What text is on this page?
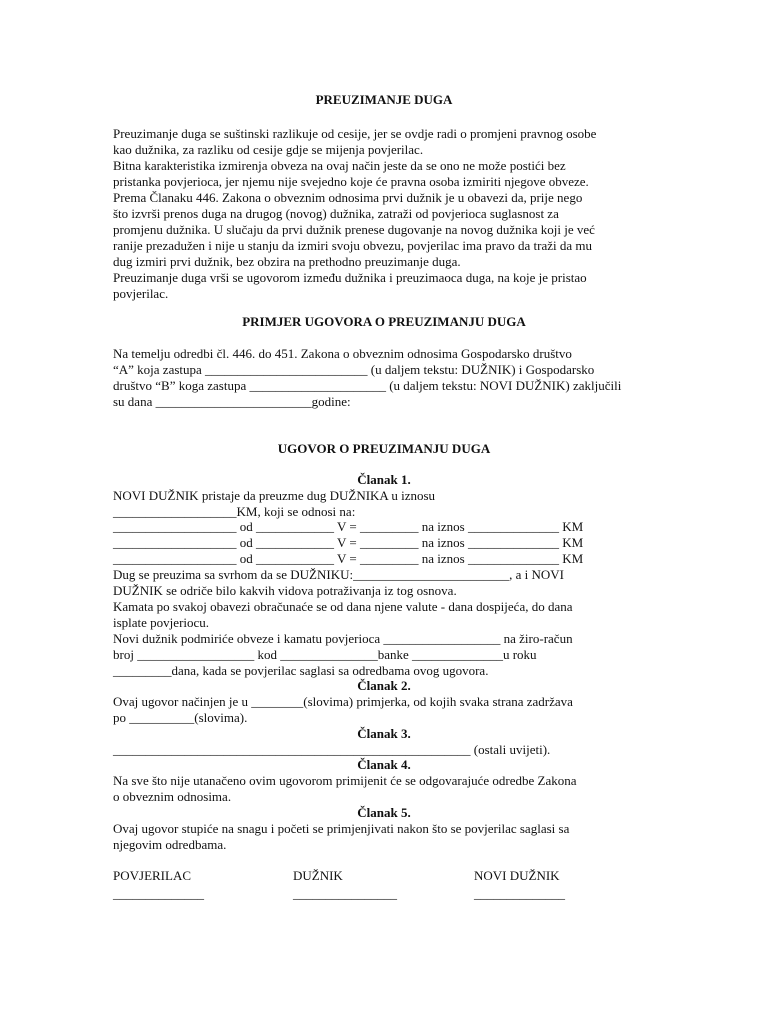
PREUZIMANJE DUGA
Preuzimanje duga se suštinski razlikuje od cesije, jer se ovdje radi o promjeni pravnog osobe
kao dužnika, za razliku od cesije gdje se mijenja povjerilac.
Bitna karakteristika izmirenja obveza na ovaj način jeste da se ono ne može postići bez
pristanka povjerioca, jer njemu nije svejedno koje će pravna osoba izmiriti njegove obveze.
Prema Članaku 446. Zakona o obveznim odnosima prvi dužnik je u obavezi da, prije nego
što izvrši prenos duga na drugog (novog) dužnika, zatraži od povjerioca suglasnost za
promjenu dužnika. U slučaju da prvi dužnik prenese dugovanje na novog dužnika koji je već
ranije prezadužen i nije u stanju da izmiri svoju obvezu, povjerilac ima pravo da traži da mu
dug izmiri prvi dužnik, bez obzira na prethodno preuzimanje duga.
Preuzimanje duga vrši se ugovorom između dužnika i preuzimaoca duga, na koje je pristao
povjerilac.
PRIMJER UGOVORA O PREUZIMANJU DUGA
Na temelju odredbi čl. 446. do 451. Zakona o obveznim odnosima Gospodarsko društvo
“A” koja zastupa _________________________ (u daljem tekstu: DUŽNIK) i Gospodarsko
društvo “B” koga zastupa _____________________ (u daljem tekstu: NOVI DUŽNIK) zaključili
su dana ________________________godine:
UGOVOR O PREUZIMANJU DUGA
Članak 1.
NOVI DUŽNIK pristaje da preuzme dug DUŽNIKA u iznosu
___________________KM, koji se odnosi na:
___________________ od ____________ V = _________ na iznos ______________ KM
___________________ od ____________ V = _________ na iznos ______________ KM
___________________ od ____________ V = _________ na iznos ______________ KM
Dug se preuzima sa svrhom da se DUŽNIKU:________________________, a i NOVI
DUŽNIK se odriče bilo kakvih vidova potraživanja iz tog osnova.
Kamata po svakoj obavezi obračunaće se od dana njene valute - dana dospijeća, do dana
isplate povjeriocu.
Novi dužnik podmiriće obveze i kamatu povjerioca __________________ na žiro-račun
broj __________________ kod _______________banke ______________u roku
_________dana, kada se povjerilac saglasi sa odredbama ovog ugovora.
Članak 2.
Ovaj ugovor načinjen je u ________(slovima) primjerka, od kojih svaka strana zadržava
po __________(slovima).
Članak 3.
_______________________________________________________ (ostali uvijeti).
Članak 4.
Na sve što nije utanačeno ovim ugovorom primijenit će se odgovarajuće odredbe Zakona
o obveznim odnosima.
Članak 5.
Ovaj ugovor stupiće na snagu i početi se primjenjivati nakon što se povjerilac saglasi sa
njegovim odredbama.
POVJERILAC
______________
DUŽNIK
________________
NOVI DUŽNIK
______________
